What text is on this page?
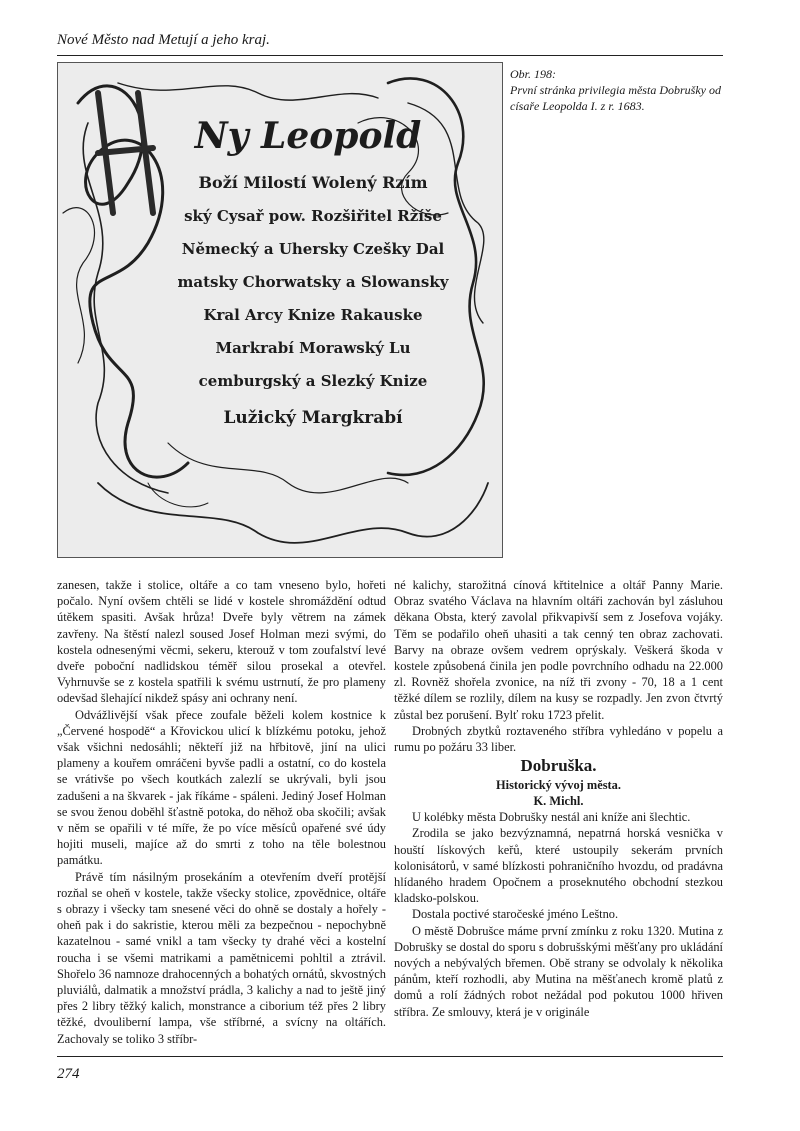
Nové Město nad Metují a jeho kraj.
Ny Leopold
Boží Milostí Wolený Rzím
ský Cysař pow. Rozšiřitel Ržíše
Německý a Uhersky Czešky Dal
matsky Chorwatsky a Slowansky
Kral Arcy Knize Rakauske
Markrabí Morawský Lu
cemburgský a Slezký Knize
Lužický Margkrabí
Obr. 198:
První stránka privilegia města Dobrušky od císaře Leopolda I. z r. 1683.

zanesen, takže i stolice, oltáře a co tam vneseno bylo, hořeti počalo. Nyní ovšem chtěli se lidé v kostele shromáždění odtud útěkem spasiti. Avšak hrůza! Dveře byly větrem na zámek zavřeny. Na štěstí nalezl soused Josef Holman mezi svými, do kostela odnesenými věcmi, sekeru, kterouž v tom zoufalství levé dveře poboční nadlidskou téměř silou prosekal a otevřel. Vyhrnuvše se z kostela spatřili k svému ustrnutí, že pro plameny odevšad šlehající nikdež spásy ani ochrany není.

Odvážlivější však přece zoufale běželi kolem kostnice k „Červené hospodě“ a Křovickou ulicí k blízkému potoku, jehož však všichni nedosáhli; někteří již na hřbitově, jiní na ulici plameny a kouřem omráčeni byvše padli a ostatní, co do kostela se vrátivše po všech koutkách zalezlí se ukrývali, byli jsou zadušeni a na škvarek - jak říkáme - spáleni. Jediný Josef Holman se svou ženou doběhl šťastně potoka, do něhož oba skočili; avšak v něm se opařili v té míře, že po více měsíců opařené své údy hojiti museli, majíce až do smrti z toho na těle bolestnou památku.

Právě tím násilným prosekáním a otevřením dveří protější rozňal se oheň v kostele, takže všecky stolice, zpovědnice, oltáře s obrazy i všecky tam snesené věci do ohně se dostaly a hořely - oheň pak i do sakristie, kterou měli za bezpečnou - nepochybně kazatelnou - samé vnikl a tam všecky ty drahé věci a kostelní roucha i se všemi matrikami a pamětnicemi pohltil a ztrávil. Shořelo 36 namnoze drahocenných a bohatých ornátů, skvostných pluviálů, dalmatik a množství prádla, 3 kalichy a nad to ještě jiný přes 2 libry těžký kalich, monstrance a ciborium též přes 2 libry těžké, dvouliberní lampa, vše stříbrné, a svícny na oltářích. Zachovaly se toliko 3 stříbr-

né kalichy, starožitná cínová křtitelnice a oltář Panny Marie. Obraz svatého Václava na hlavním oltáři zachován byl zásluhou děkana Obsta, který zavolal přikvapivší sem z Josefova vojáky. Těm se podařilo oheň uhasiti a tak cenný ten obraz zachovati. Barvy na obraze ovšem vedrem oprýskaly. Veškerá škoda v kostele způsobená činila jen podle povrchního odhadu na 22.000 zl. Rovněž shořela zvonice, na níž tři zvony - 70, 18 a 1 cent těžké dílem se rozlily, dílem na kusy se rozpadly. Jen zvon čtvrtý zůstal bez porušení. Bylť roku 1723 přelit.

Drobných zbytků roztaveného stříbra vyhledáno v popelu a rumu po požáru 33 liber.

Dobruška.

Historický vývoj města.

K. Michl.

U kolébky města Dobrušky nestál ani kníže ani šlechtic.

Zrodila se jako bezvýznamná, nepatrná horská vesnička v houští lískových keřů, které ustoupily sekerám prvních kolonisátorů, v samé blízkosti pohraničního hvozdu, od pradávna hlídaného hradem Opočnem a proseknutého obchodní stezkou kladsko-polskou.

Dostala poctivé staročeské jméno Leštno.

O městě Dobrušce máme první zmínku z roku 1320. Mutina z Dobrušky se dostal do sporu s dobrušskými měšťany pro ukládání nových a nebývalých břemen. Obě strany se odvolaly k několika pánům, kteří rozhodli, aby Mutina na měšťanech kromě platů z domů a rolí žádných robot nežádal pod pokutou 1000 hřiven stříbra. Ze smlouvy, která je v originále

274
